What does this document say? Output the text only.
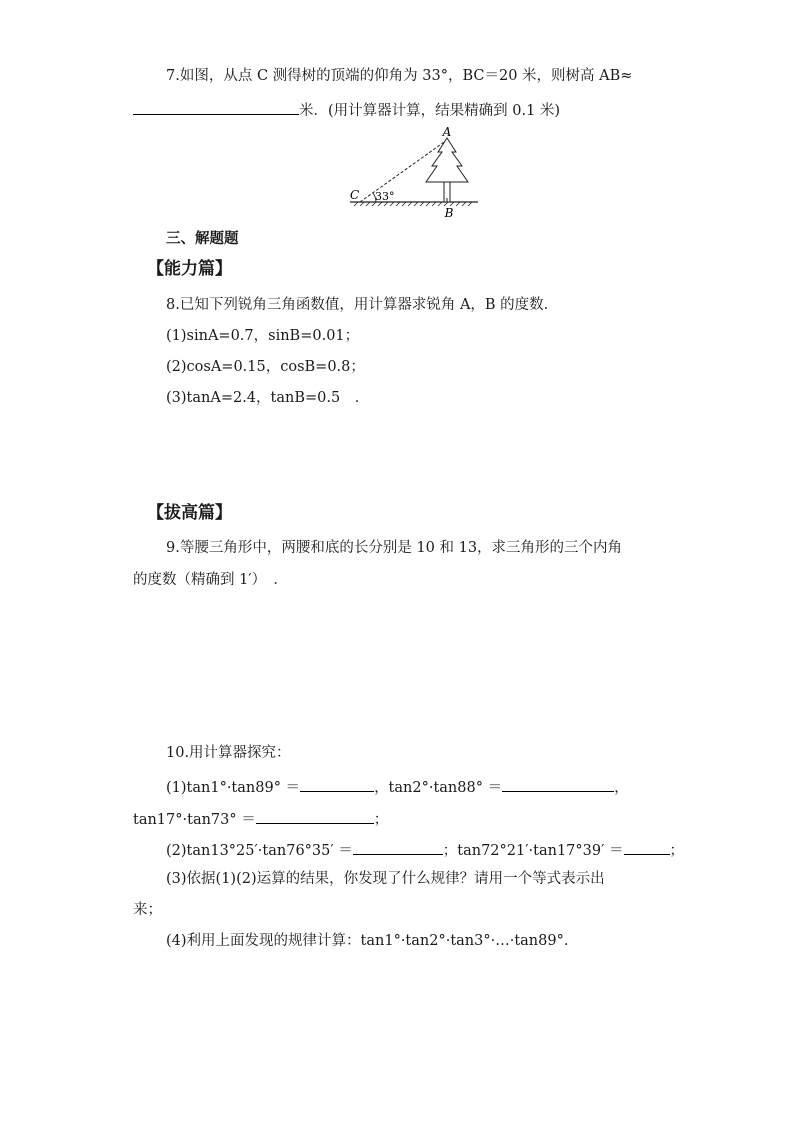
7.如图，从点 C 测得树的顶端的仰角为 33°，BC＝20 米，则树高 AB≈
米．(用计算器计算，结果精确到 0.1 米)
A
B
C 33°
三、解题题
【能力篇】
8.已知下列锐角三角函数值，用计算器求锐角 A，B 的度数．
(1)sinA=0.7，sinB=0.01；
(2)cosA=0.15，cosB=0.8；
(3)tanA=2.4，tanB=0.5　．
【拔高篇】
9.等腰三角形中，两腰和底的长分别是 10 和 13，求三角形的三个内角
的度数（精确到 1′）　．
10.用计算器探究：
(1)tan1°·tan89° ＝	，tan2°·tan88° ＝	，
tan17°·tan73° ＝	；
(2)tan13°25′·tan76°35′ ＝	；tan72°21′·tan17°39′ ＝	；
(3)依据(1)(2)运算的结果，你发现了什么规律？请用一个等式表示出
来；
(4)利用上面发现的规律计算：tan1°·tan2°·tan3°·…·tan89°.
